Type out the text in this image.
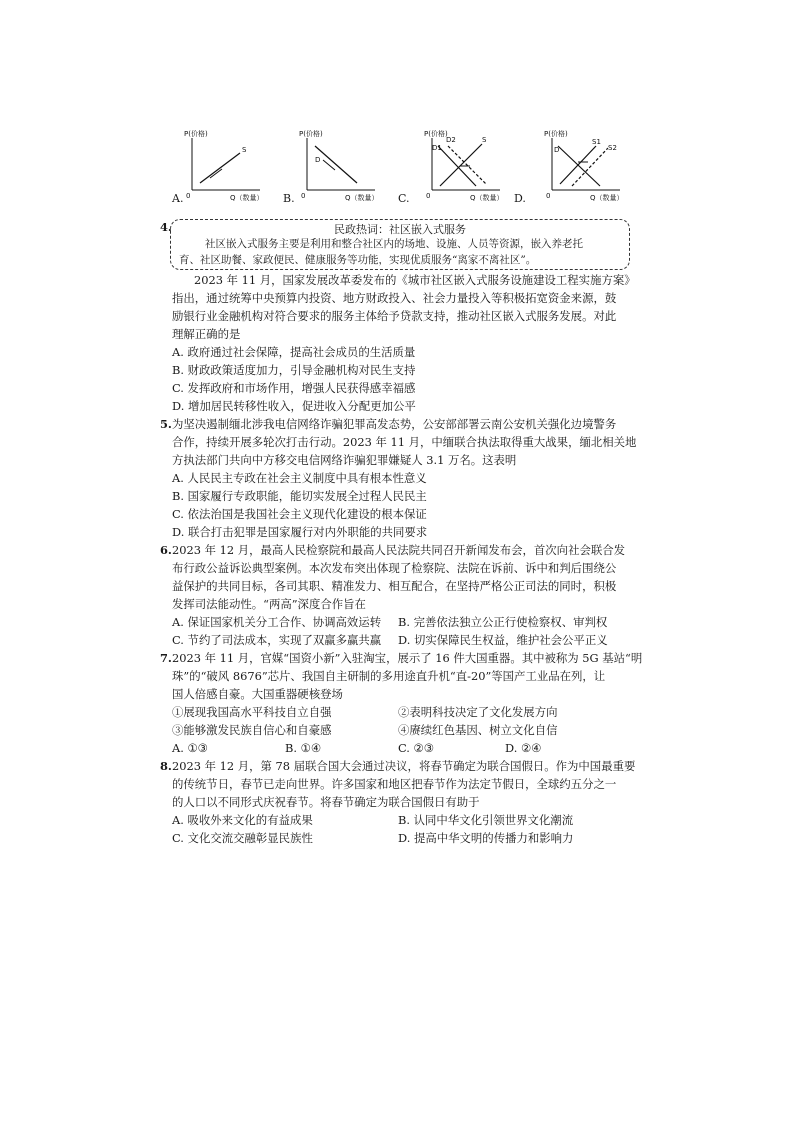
P(价格)
Q（数量）
0
S
A.
P(价格)
Q（数量）
0
D
B.
P(价格)
Q（数量）
0
D1
D2	S
C.
P(价格)
Q（数量）
0
D
S1
S2
D.
4.	民政热词：社区嵌入式服务
社区嵌入式服务主要是利用和整合社区内的场地、设施、人员等资源，嵌入养老托
育、社区助餐、家政便民、健康服务等功能，实现优质服务“离家不离社区”。
2023 年 11 月，国家发展改革委发布的《城市社区嵌入式服务设施建设工程实施方案》
指出，通过统筹中央预算内投资、地方财政投入、社会力量投入等积极拓宽资金来源，鼓
励银行业金融机构对符合要求的服务主体给予贷款支持，推动社区嵌入式服务发展。对此
理解正确的是
A. 政府通过社会保障，提高社会成员的生活质量
B. 财政政策适度加力，引导金融机构对民生支持
C. 发挥政府和市场作用，增强人民获得感幸福感
D. 增加居民转移性收入，促进收入分配更加公平
5. 为坚决遏制缅北涉我电信网络诈骗犯罪高发态势，公安部部署云南公安机关强化边境警务
合作，持续开展多轮次打击行动。2023 年 11 月，中缅联合执法取得重大战果，缅北相关地
方执法部门共向中方移交电信网络诈骗犯罪嫌疑人 3.1 万名。这表明
A. 人民民主专政在社会主义制度中具有根本性意义
B. 国家履行专政职能，能切实发展全过程人民民主
C. 依法治国是我国社会主义现代化建设的根本保证
D. 联合打击犯罪是国家履行对内外职能的共同要求
6. 2023 年 12 月，最高人民检察院和最高人民法院共同召开新闻发布会，首次向社会联合发
布行政公益诉讼典型案例。本次发布突出体现了检察院、法院在诉前、诉中和判后围绕公
益保护的共同目标，各司其职、精准发力、相互配合，在坚持严格公正司法的同时，积极
发挥司法能动性。“两高”深度合作旨在
A. 保证国家机关分工合作、协调高效运转 B. 完善依法独立公正行使检察权、审判权
C. 节约了司法成本，实现了双赢多赢共赢 D. 切实保障民生权益，维护社会公平正义
7. 2023 年 11 月，官媒“国资小新”入驻淘宝，展示了 16 件大国重器。其中被称为 5G 基站“明
珠”的“破风 8676”芯片、我国自主研制的多用途直升机“直-20”等国产工业品在列，让
国人倍感自豪。大国重器硬核登场
①展现我国高水平科技自立自强	②表明科技决定了文化发展方向
③能够激发民族自信心和自豪感	④赓续红色基因、树立文化自信
A. ①③	B. ①④	C. ②③	D. ②④
8. 2023 年 12 月，第 78 届联合国大会通过决议，将春节确定为联合国假日。作为中国最重要
的传统节日，春节已走向世界。许多国家和地区把春节作为法定节假日，全球约五分之一
的人口以不同形式庆祝春节。将春节确定为联合国假日有助于
A. 吸收外来文化的有益成果	B. 认同中华文化引领世界文化潮流
C. 文化交流交融彰显民族性	D. 提高中华文明的传播力和影响力
